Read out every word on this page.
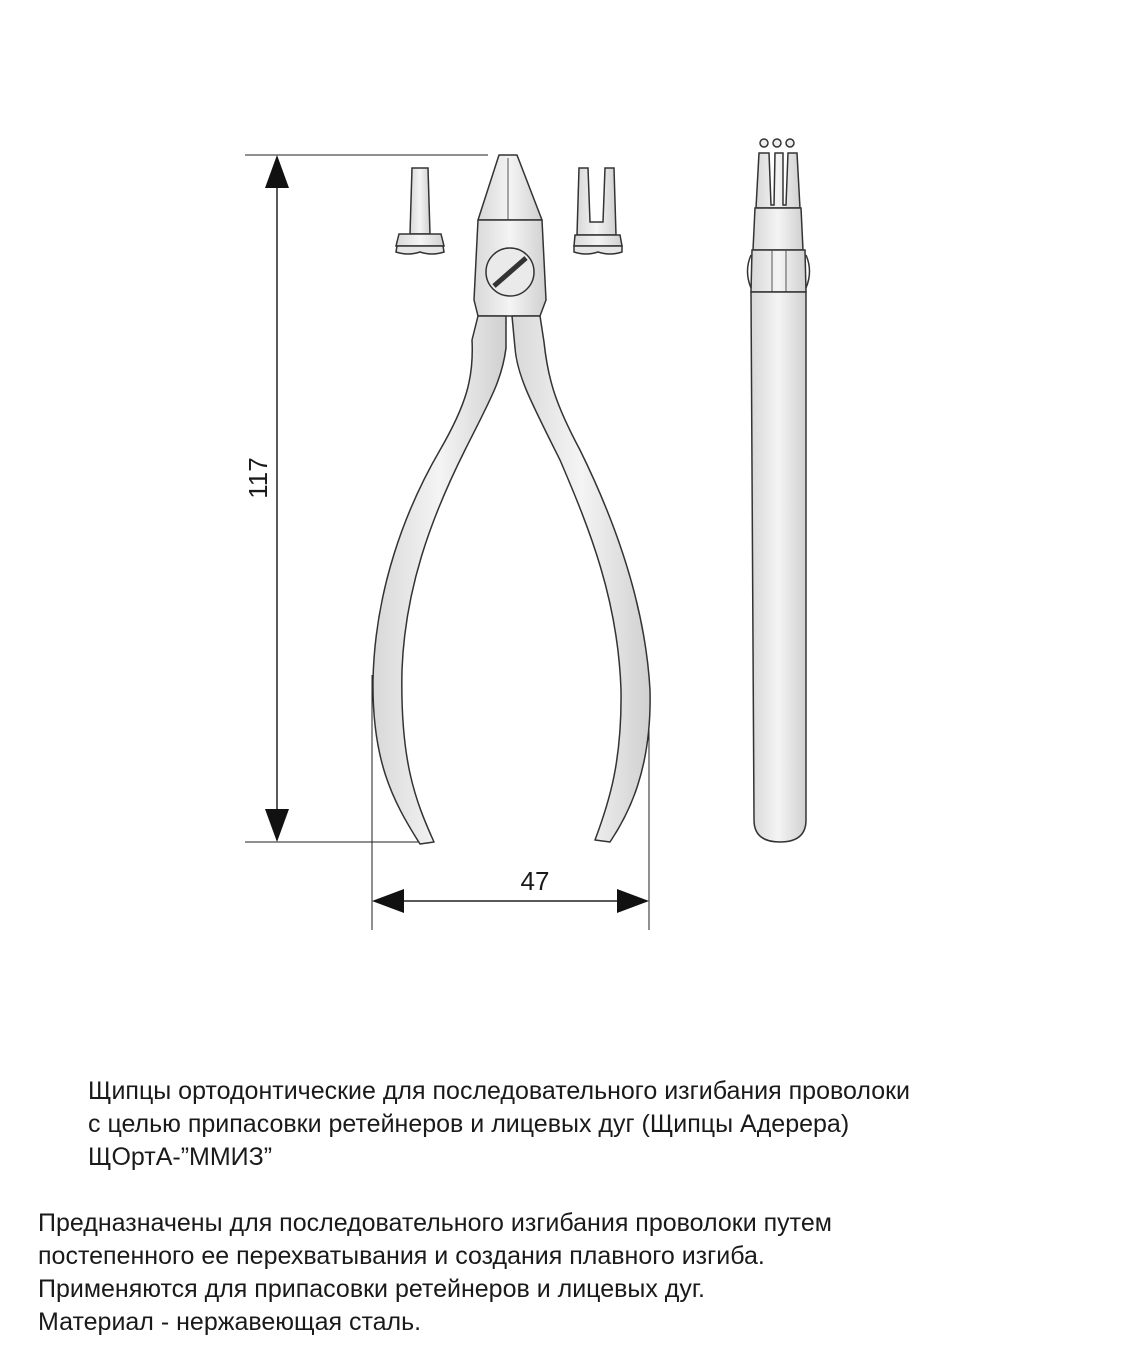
117
47
Щипцы ортодонтические для последовательного изгибания проволоки
с целью припасовки ретейнеров и лицевых дуг (Щипцы Адерера)
ЩОртА-”ММИЗ”
Предназначены для последовательного изгибания проволоки путем
постепенного ее перехватывания и создания плавного изгиба.
Применяются для припасовки ретейнеров и лицевых дуг.
Материал - нержавеющая сталь.
